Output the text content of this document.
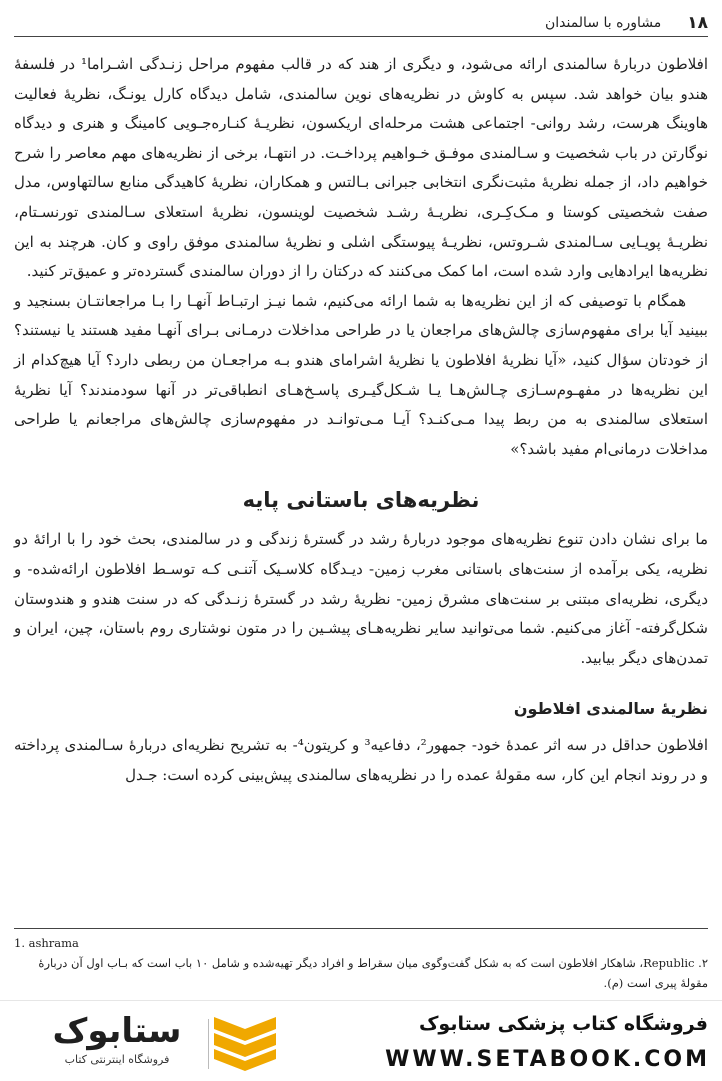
۱۸
مشاوره با سالمندان

افلاطون دربارهٔ سالمندی ارائه می‌شود، و دیگری از هند که در قالب مفهوم مراحل زنـدگی اشـراما¹ در فلسفهٔ هندو بیان خواهد شد. سپس به کاوش در نظریه‌های نوین سالمندی، شامل دیدگاه کارل یونـگ، نظریهٔ فعالیت هاوینگ هرست، رشد روانی- اجتماعی هشت مرحله‌ای اریکسون، نظریـهٔ کنـاره‌جـویی کامینگ و هنری و دیدگاه نوگارتن در باب شخصیت و سـالمندی موفـق خـواهیم پرداخـت. در انتهـا، برخی از نظریه‌های مهم معاصر را شرح خواهیم داد، از جمله نظریهٔ مثبت‌نگری انتخابی جبرانی بـالتس و همکاران، نظریهٔ کاهیدگی منابع سالتهاوس، مدل صفت شخصیتی کوستا و مـک‌کِـری، نظریـهٔ رشـد شخصیت لوینسون، نظریهٔ استعلای سـالمندی تورنسـتام، نظریـهٔ پویـایی سـالمندی شـروتس، نظریـهٔ پیوستگی اشلی و نظریهٔ سالمندی موفق راوی و کان. هرچند به این نظریه‌ها ایرادهایی وارد شده است، اما کمک می‌کنند که درکتان را از دوران سالمندی گسترده‌تر و عمیق‌تر کنید.

همگام با توصیفی که از این نظریه‌ها به شما ارائه می‌کنیم، شما نیـز ارتبـاط آنهـا را بـا مراجعانتـان بسنجید و ببینید آیا برای مفهوم‌سازی چالش‌های مراجعان یا در طراحی مداخلات درمـانی بـرای آنهـا مفید هستند یا نیستند؟ از خودتان سؤال کنید، «آیا نظریهٔ افلاطون یا نظریهٔ اشرامای هندو بـه مراجعـان من ربطی دارد؟ آیا هیچ‌کدام از این نظریه‌ها در مفهـوم‌سـازی چـالش‌هـا یـا شـکل‌گیـری پاسـخ‌هـای انطباقی‌تر در آنها سودمندند؟ آیا نظریهٔ استعلای سالمندی به من ربط پیدا مـی‌کنـد؟ آیـا مـی‌توانـد در مفهوم‌سازی چالش‌های مراجعانم یا طراحی مداخلات درمانی‌ام مفید باشد؟»

نظریه‌های باستانی پایه

ما برای نشان دادن تنوع نظریه‌های موجود دربارهٔ رشد در گسترهٔ زندگی و در سالمندی، بحث خود را با ارائهٔ دو نظریه، یکی برآمده از سنت‌های باستانی مغرب زمین- دیـدگاه کلاسـیک آتنـی کـه توسـط افلاطون ارائه‌شده- و دیگری، نظریه‌ای مبتنی بر سنت‌های مشرق زمین- نظریهٔ رشد در گسترهٔ زنـدگی که در سنت هندو و هندوستان شکل‌گرفته- آغاز می‌کنیم. شما می‌توانید سایر نظریه‌هـای پیشـین را در متون نوشتاری روم باستان، چین، ایران و تمدن‌های دیگر بیابید.

نظریهٔ سالمندی افلاطون

افلاطون حداقل در سه اثر عمدهٔ خود- جمهور²، دفاعیه³ و کریتون⁴- به تشریح نظریه‌ای دربارهٔ سـالمندی پرداخته و در روند انجام این کار، سه مقولهٔ عمده را در نظریه‌های سالمندی پیش‌بینی کرده است: جـدل

1. ashrama
۲. Republic، شاهکار افلاطون است که به شکل گفت‌وگوی میان سقراط و افراد دیگر تهیه‌شده و شامل ۱۰ باب است که بـاب اول آن دربارهٔ مقولهٔ پیری است (م).
ستابوک
فروشگاه اینترنتی کتاب
فروشگاه کتاب پزشکی ستابوک
WWW.SETABOOK.COM
